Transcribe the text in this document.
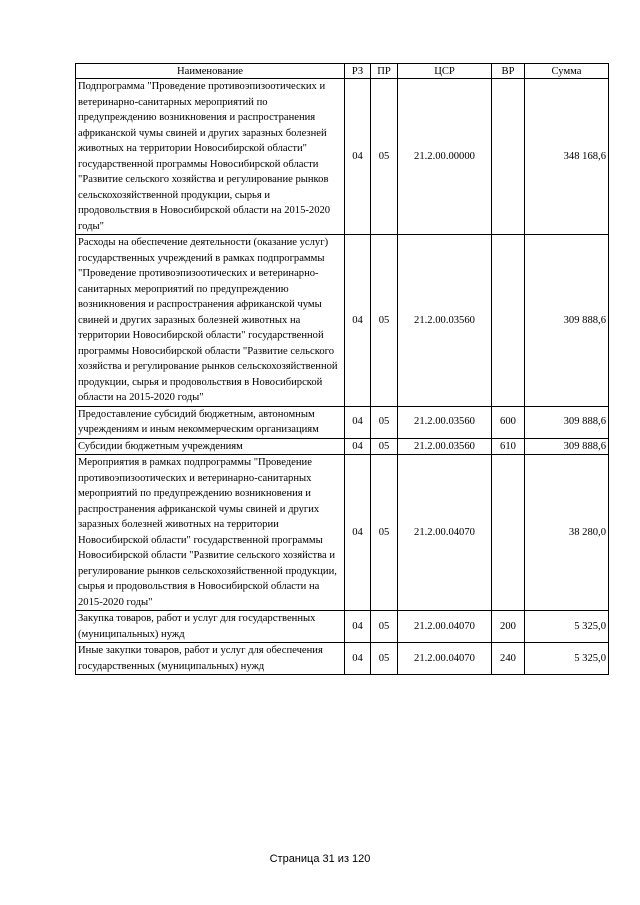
Наименование	РЗ	ПР	ЦСР	ВР	Сумма
Подпрограмма "Проведение противоэпизоотических и ветеринарно-санитарных мероприятий по предупреждению возникновения и распространения африканской чумы свиней и других заразных болезней животных на территории Новосибирской области" государственной программы Новосибирской области "Развитие сельского хозяйства и регулирование рынков сельскохозяйственной продукции, сырья и продовольствия в Новосибирской области на 2015-2020 годы"	04	05	21.2.00.00000		348 168,6
Расходы на обеспечение деятельности (оказание услуг) государственных учреждений в рамках подпрограммы "Проведение противоэпизоотических и ветеринарно-санитарных мероприятий по предупреждению возникновения и распространения африканской чумы свиней и других заразных болезней животных на территории Новосибирской области" государственной программы Новосибирской области "Развитие сельского хозяйства и регулирование рынков сельскохозяйственной продукции, сырья и продовольствия в Новосибирской области на 2015-2020 годы"	04	05	21.2.00.03560		309 888,6
Предоставление субсидий бюджетным, автономным учреждениям и иным некоммерческим организациям	04	05	21.2.00.03560	600	309 888,6
Субсидии бюджетным учреждениям	04	05	21.2.00.03560	610	309 888,6
Мероприятия в рамках подпрограммы "Проведение противоэпизоотических и ветеринарно-санитарных мероприятий по предупреждению возникновения и распространения африканской чумы свиней и других заразных болезней животных на территории Новосибирской области" государственной программы Новосибирской области "Развитие сельского хозяйства и регулирование рынков сельскохозяйственной продукции, сырья и продовольствия в Новосибирской области на 2015-2020 годы"	04	05	21.2.00.04070		38 280,0
Закупка товаров, работ и услуг для государственных (муниципальных) нужд	04	05	21.2.00.04070	200	5 325,0
Иные закупки товаров, работ и услуг для обеспечения государственных (муниципальных) нужд	04	05	21.2.00.04070	240	5 325,0
Страница 31 из 120
